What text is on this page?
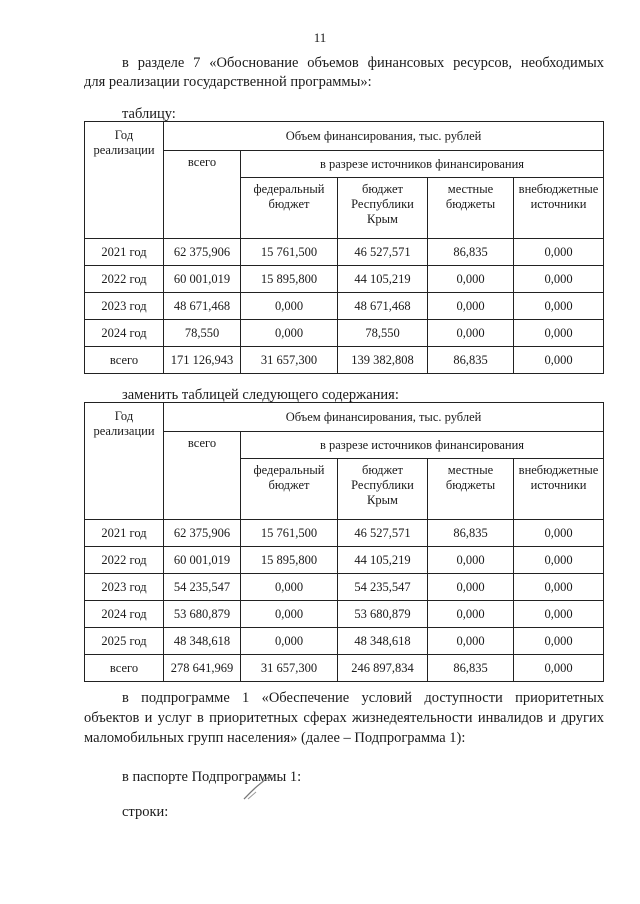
11
в разделе 7 «Обоснование объемов финансовых ресурсов, необходимых
для реализации государственной программы»:
таблицу:
Год реализации	Объем финансирования, тыс. рублей				
	всего	в разрезе источников финансирования			
		федеральный бюджет	бюджет Республики Крым	местные бюджеты	внебюджетные источники
2021 год	62 375,906	15 761,500	46 527,571	86,835	0,000
2022 год	60 001,019	15 895,800	44 105,219	0,000	0,000
2023 год	48 671,468	0,000	48 671,468	0,000	0,000
2024 год	78,550	0,000	78,550	0,000	0,000
всего	171 126,943	31 657,300	139 382,808	86,835	0,000
заменить таблицей следующего содержания:
Год реализации	Объем финансирования, тыс. рублей				
	всего	в разрезе источников финансирования			
		федеральный бюджет	бюджет Республики Крым	местные бюджеты	внебюджетные источники
2021 год	62 375,906	15 761,500	46 527,571	86,835	0,000
2022 год	60 001,019	15 895,800	44 105,219	0,000	0,000
2023 год	54 235,547	0,000	54 235,547	0,000	0,000
2024 год	53 680,879	0,000	53 680,879	0,000	0,000
2025 год	48 348,618	0,000	48 348,618	0,000	0,000
всего	278 641,969	31 657,300	246 897,834	86,835	0,000
в подпрограмме 1 «Обеспечение условий доступности приоритетных
объектов и услуг в приоритетных сферах жизнедеятельности инвалидов и других
маломобильных групп населения» (далее – Подпрограмма 1):
в паспорте Подпрограммы 1:
строки:
